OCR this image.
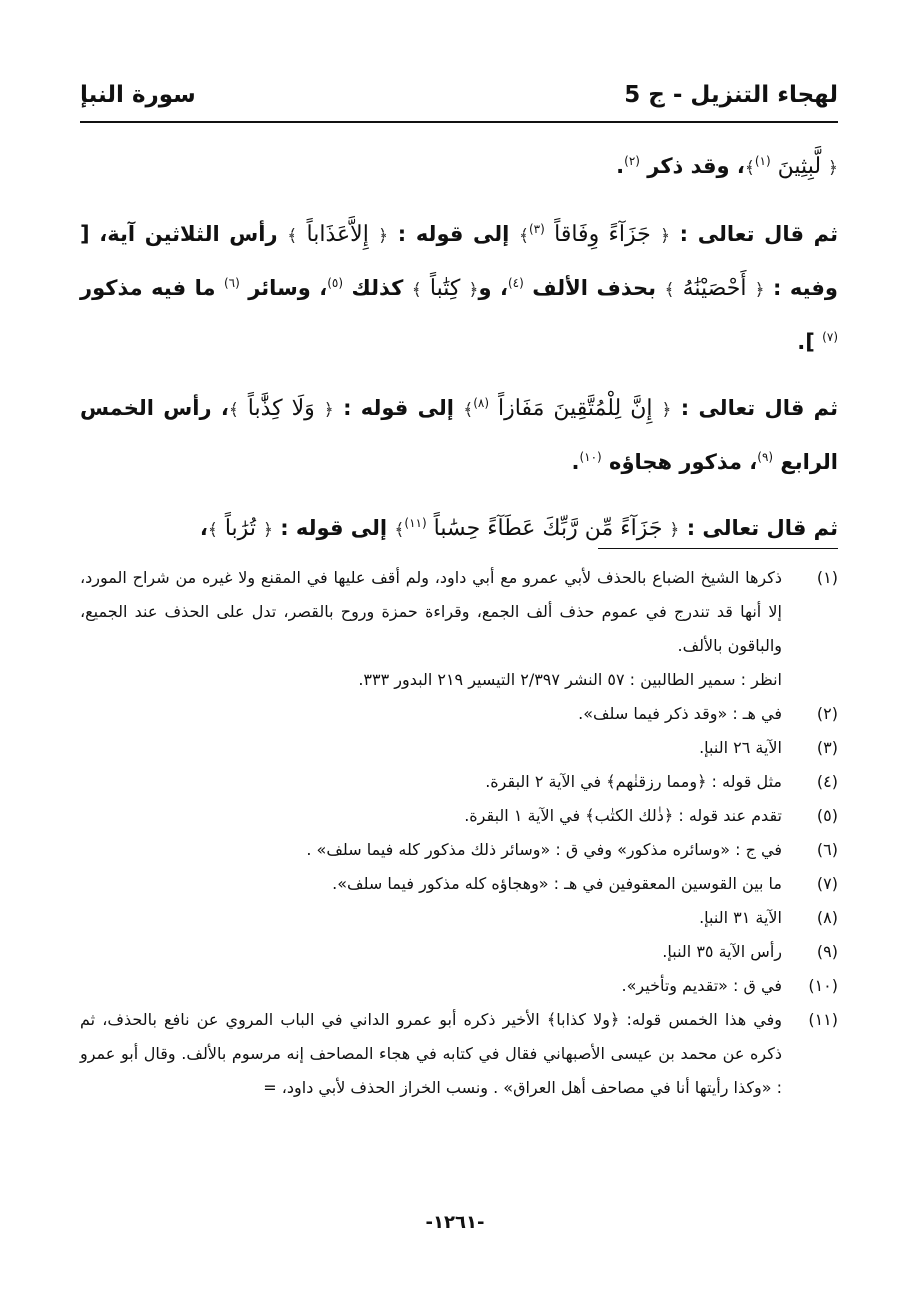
لهجاء التنزيل - ج 5
سورة النبإ

﴿ لَّبِثِينَ $^{(١)}$﴾، وقد ذكر $^{(٢)}$.

ثم قال تعالى : ﴿ جَزَآءً وِفَاقاً $^{(٣)}$﴾ إلى قوله : ﴿ إِلاَّعَذَاباً ﴾ رأس الثلاثين آية، [ وفيه : ﴿ أَحْصَيْنَٰهُ ﴾ بحذف الألف $^{(٤)}$، و﴿ كِتَٰباً ﴾ كذلك $^{(٥)}$، وسائر $^{(٦)}$ ما فيه مذكور $^{(٧)}$ ].

ثم قال تعالى : ﴿ إِنَّ لِلْمُتَّقِينَ مَفَازاً $^{(٨)}$﴾ إلى قوله : ﴿ وَلَا كِذَّٰباً ﴾، رأس الخمس الرابع $^{(٩)}$، مذكور هجاؤه $^{(١٠)}$.

ثم قال تعالى : ﴿ جَزَآءً مِّن رَّبِّكَ عَطَآءً حِسَٰباً $^{(١١)}$﴾ إلى قوله : ﴿ تُرَٰباً ﴾،

(١)
ذكرها الشيخ الضباع بالحذف لأبي عمرو مع أبي داود، ولم أقف عليها في المقنع ولا غيره من شراح المورد، إلا أنها قد تندرج في عموم حذف ألف الجمع، وقراءة حمزة وروح بالقصر، تدل على الحذف عند الجميع، والباقون بالألف.
انظر : سمير الطالبين : ٥٧ النشر ٢/٣٩٧ التيسير ٢١٩ البدور ٣٣٣.
(٢)
في هـ : «وقد ذكر فيما سلف».
(٣)
الآية ٢٦ النبإ.
(٤)
مثل قوله : ﴿ومما رزقنٰهم﴾ في الآية ٢ البقرة.
(٥)
تقدم عند قوله : ﴿ذٰلك الكتٰب﴾ في الآية ١ البقرة.
(٦)
في ج : «وسائره مذكور» وفي ق : «وسائر ذلك مذكور كله فيما سلف» .
(٧)
ما بين القوسين المعقوفين في هـ : «وهجاؤه كله مذكور فيما سلف».
(٨)
الآية ٣١ النبإ.
(٩)
رأس الآية ٣٥ النبإ.
(١٠)
في ق : «تقديم وتأخير».
(١١)
وفي هذا الخمس قوله: ﴿ولا كذابا﴾ الأخير ذكره أبو عمرو الداني في الباب المروي عن نافع بالحذف، ثم ذكره عن محمد بن عيسى الأصبهاني فقال في كتابه في هجاء المصاحف إنه مرسوم بالألف. وقال أبو عمرو : «وكذا رأيتها أنا في مصاحف أهل العراق» . ونسب الخراز الحذف لأبي داود، =
-١٢٦١-
